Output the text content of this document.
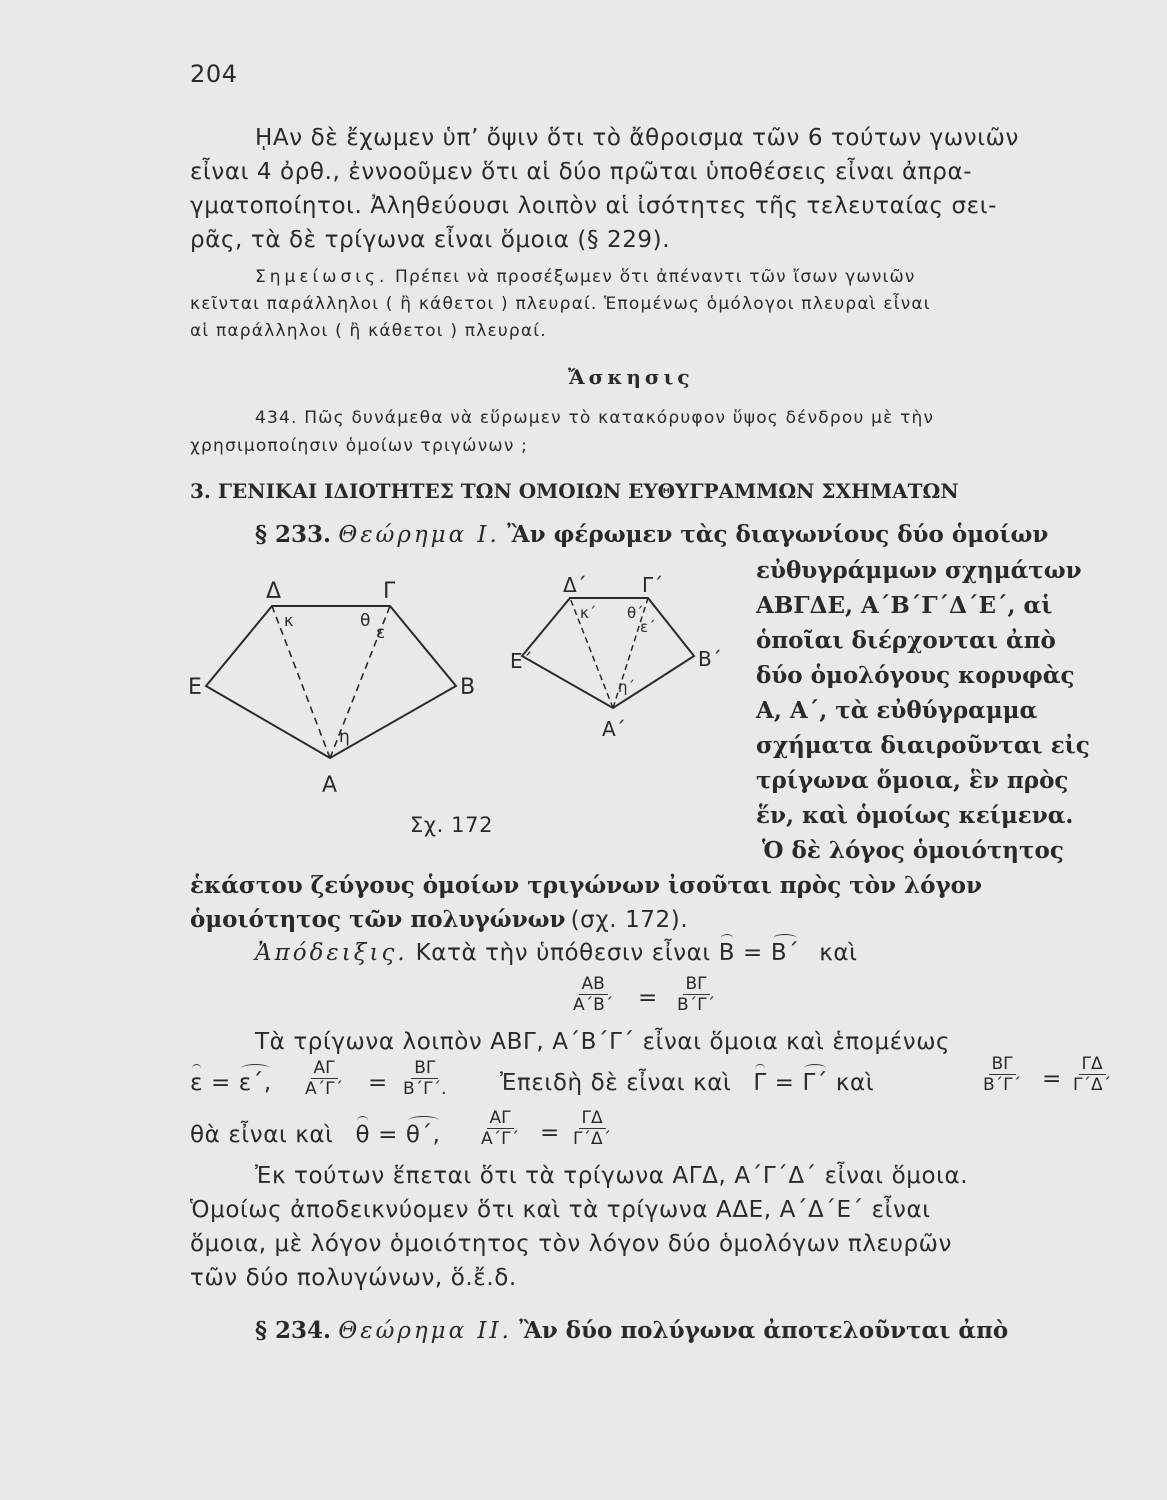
204
ῌΑν δὲ ἔχωμεν ὑπ’ ὄψιν ὅτι τὸ ἄθροισμα τῶν 6 τούτων γωνιῶν
εἶναι 4 ὀρθ., ἐννοοῦμεν ὅτι αἱ δύο πρῶται ὑποθέσεις εἶναι ἀπρα-
γματοποίητοι. Ἀληθεύουσι λοιπὸν αἱ ἰσότητες τῆς τελευταίας σει-
ρᾶς, τὰ δὲ τρίγωνα εἶναι ὅμοια (§ 229).
Σημείωσις. Πρέπει νὰ προσέξωμεν ὅτι ἀπέναντι τῶν ἴσων γωνιῶν
κεῖνται παράλληλοι ( ἢ κάθετοι ) πλευραί. Ἑπομένως ὁμόλογοι πλευραὶ εἶναι
αἱ παράλληλοι ( ἢ κάθετοι ) πλευραί.
Ἄσκησις
434. Πῶς δυνάμεθα νὰ εὕρωμεν τὸ κατακόρυφον ὕψος δένδρου μὲ τὴν
χρησιμοποίησιν ὁμοίων τριγώνων ;
3. ΓΕΝΙΚΑΙ ΙΔΙΟΤΗΤΕΣ ΤΩΝ ΟΜΟΙΩΝ ΕΥΘΥΓΡΑΜΜΩΝ ΣΧΗΜΑΤΩΝ
§ 233. Θεώρημα Ι. Ἂν φέρωμεν τὰς διαγωνίους δύο ὁμοίων
εὐθυγράμμων σχημάτων
ΑΒΓΔΕ, Α΄Β΄Γ΄Δ΄Ε΄, αἱ
ὁποῖαι διέρχονται ἀπὸ
δύο ὁμολόγους κορυφὰς
Α, Α΄, τὰ εὐθύγραμμα
σχήματα διαιροῦνται εἰς
τρίγωνα ὅμοια, ἓν πρὸς
ἕν, καὶ ὁμοίως κείμενα.
Ὁ δὲ λόγος ὁμοιότητος
ἑκάστου ζεύγους ὁμοίων τριγώνων ἰσοῦται πρὸς τὸν λόγον
ὁμοιότητος τῶν πολυγώνων (σχ. 172).
Δ	Γ
Ε	Β
Α
κ	θ
ε
η
Δ΄	Γ΄
Ε΄	Β΄
Α΄
κ΄ θ΄
ε΄
η΄
Σχ. 172
Ἀπόδειξις. Κατὰ τὴν ὑπόθεσιν εἶναι Β = Β΄ καὶ
$\frac{AB}{A΄B΄} = \frac{B\Gamma}{B΄\Gamma΄}$
Τὰ τρίγωνα λοιπὸν ΑΒΓ, Α΄Β΄Γ΄ εἶναι ὅμοια καὶ ἑπομένως
ε = ε΄, $\frac{A\Gamma}{A΄\Gamma΄} = \frac{B\Gamma}{B΄\Gamma΄.}$ Ἐπειδὴ δὲ εἶναι καὶ Γ = Γ΄ καὶ	$\frac{B\Gamma}{B΄\Gamma΄} = \frac{\Gamma\Delta}{\Gamma΄\Delta΄}$
θὰ εἶναι καὶ θ = θ΄, $\frac{A\Gamma}{A΄\Gamma΄} = \frac{\Gamma\Delta}{\Gamma΄\Delta΄}$
Ἐκ τούτων ἕπεται ὅτι τὰ τρίγωνα ΑΓΔ, Α΄Γ΄Δ΄ εἶναι ὅμοια.
Ὁμοίως ἀποδεικνύομεν ὅτι καὶ τὰ τρίγωνα ΑΔΕ, Α΄Δ΄Ε΄ εἶναι
ὅμοια, μὲ λόγον ὁμοιότητος τὸν λόγον δύο ὁμολόγων πλευρῶν
τῶν δύο πολυγώνων, ὅ.ἔ.δ.
§ 234. Θεώρημα ΙΙ. Ἂν δύο πολύγωνα ἀποτελοῦνται ἀπὸ
